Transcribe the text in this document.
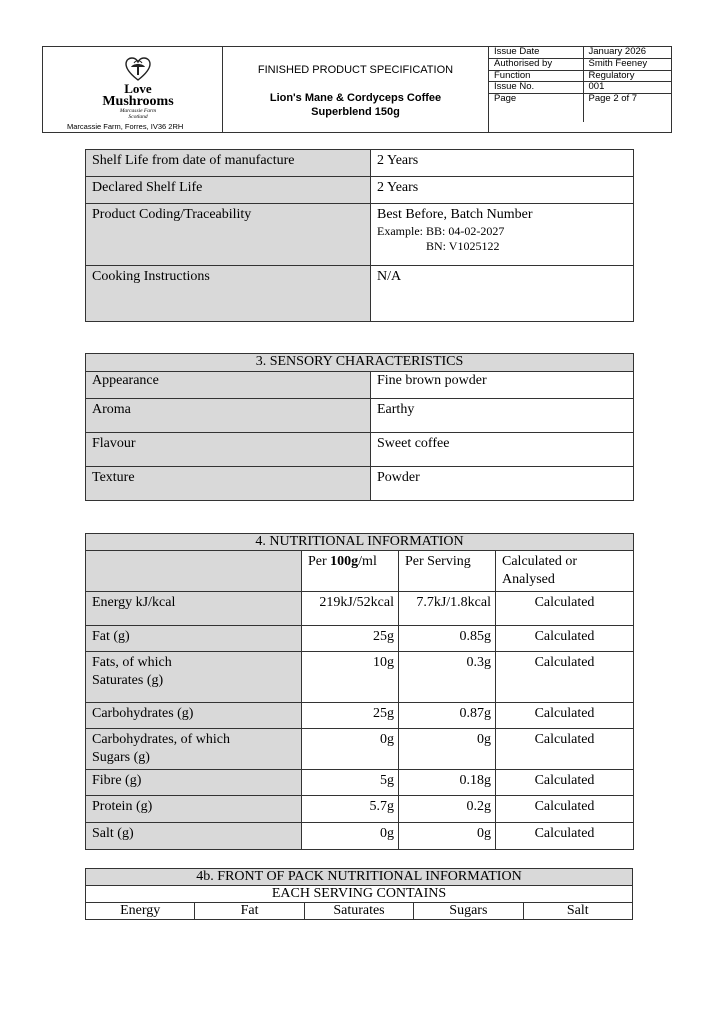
Love
Mushrooms
Marcassie Farm
Scotland
Marcassie Farm, Forres, IV36 2RH

FINISHED PRODUCT SPECIFICATION
Lion's Mane & Cordyceps Coffee
Superblend 150g

Issue Date	January 2026
Authorised by	Smith Feeney
Function	Regulatory
Issue No.	001
Page	Page 2 of 7
Shelf Life from date of manufacture	2 Years
Declared Shelf Life	2 Years
Product Coding/Traceability	Best Before, Batch Number
Example: BB: 04-02-2027
BN: V1025122

Cooking Instructions	N/A
3. SENSORY CHARACTERISTICS	
Appearance	Fine brown powder
Aroma	Earthy
Flavour	Sweet coffee
Texture	Powder
4. NUTRITIONAL INFORMATION			
	Per 100g/ml	Per Serving	Calculated or
Analysed

Energy kJ/kcal	219kJ/52kcal	7.7kJ/1.8kcal	Calculated
Fat (g)	25g	0.85g	Calculated

Fats, of which
Saturates (g)	10g	0.3g	Calculated
Carbohydrates (g)	25g	0.87g	Calculated

Carbohydrates, of which
Sugars (g)	0g	0g	Calculated
Fibre (g)	5g	0.18g	Calculated
Protein (g)	5.7g	0.2g	Calculated
Salt (g)	0g	0g	Calculated
4b. FRONT OF PACK NUTRITIONAL INFORMATION
EACH SERVING CONTAINS
Energy	Fat	Saturates	Sugars	Salt
